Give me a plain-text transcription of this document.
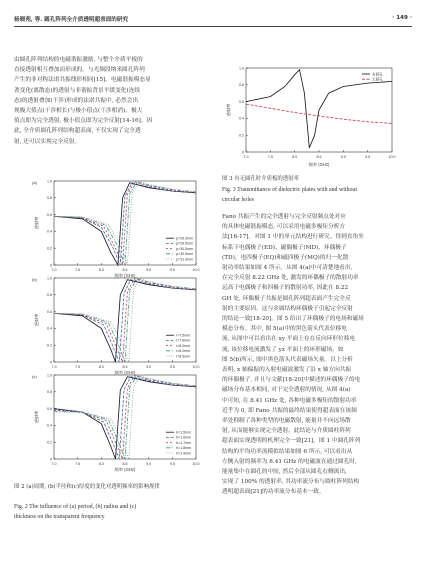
杨晓苑, 等. 圆孔阵列全介质透明超表面的研究	· 149 ·
由圆孔阵列结构的电磁谐振激励, 与整个介质平板的
直接透射相互叠加而形成的。与光频段纳米圆孔阵列
产生的非对称法诺共振线形相同[15]。电磁谐振模态显
著变化(离散态)的透射与非谐振背景平缓变化(连续
态)的透射叠加(干涉)形成的法诺共振中, 必然会出
现极大值点(干涉相长)与极小值点(干涉相消)。极大
值点即为完全透射, 极小值点即为完全反射[14-16]。因
此, 全介质圆孔阵列结构超表面, 不仅实现了完全透
射, 还可以实现完全反射。
7.0	7.5	8.0	8.5	9.0	9.5	10.0
0
0.2
0.4
0.6
0.8
1.0
p=29.0mm
p=29.5mm
p=30.0mm
p=30.5mm
p=31.0mm
(a)
透射率
频率 (GHz)
7.0	7.5	8.0	8.5	9.0	9.5	10.0
0
0.2
0.4
0.6
0.8
1.0
r=7.5mm
r=7.8mm
r=8.0mm
r=8.2mm
r=8.5mm
(b)
透射率
频率 (GHz)
7.0	7.5	8.0	8.5	9.0	9.5	10.0
0
0.2
0.4
0.6
0.8
1.0
h=1.5mm
h=1.6mm
h=1.7mm
h=1.8mm
h=1.9mm
(c)
透射率
频率 (GHz)
图 2 (a)周期, (b)半径和(c)厚度的变化对透明频率的影响规律
Fig. 2 The influence of (a) period, (b) radius and (c)
thickness on the transparent frequency
7.0	7.5	8.0	8.5	9.0	9.5	10.0
0
0.2
0.4
0.6
0.8
1.0
有圆孔
无圆孔
透射率
频率 (GHz)
图 3 有无圆孔时介质板的透射率
Fig. 3 Transmittance of dielectric plates with and without
circular holes
Fano 共振产生的完全透射与完全反射频点处对应
的具体电磁谐振模态, 可以采用电磁多极矩分析方
法[16-17]。对图 1 中的单元结构进行研究。得到直角坐
标系下电偶极子(ED)、磁偶极子(MD)、环偶极子
(TD)、电四极子(EQ)和磁四极子(MQ)的归一化散
射功率结果如图 4 所示。从图 4(a)中可清楚地看出,
在完全反射 8.22 GHz 处, 激发的环偶极子的散射功率
远高于电偶极子和四极子的散射功率, 因此在 8.22
GH 处, 环偶极子共振是圆孔阵列超表面产生完全反
射的主要原因。这与金属结构环偶极子引起完全反射
的结论一致[18-20]。图 5 给出了环偶极子的电场和磁场
模态分布。其中, 图 5(a)中的黑色箭头代表位移电
流, 从图中可以看出在 xy 平面上存在反向环形位移电
流, 该位移电流激发了 yz 平面上的环形磁场。如
图 5(b)所示, 图中黑色箭头代表磁场矢量。以上分析
表明, x 轴偏振的入射电磁波激发了沿 x 轴方向共振
的环偶极子, 并且与文献[18-20]中描述的环偶极子的电
磁场分布基本相同, 对于完全透射的情况, 从图 4(a)
中可知, 在 8.41 GHz 处, 各种电磁多极矩的散射功率
近乎为 0, 即 Fano 共振的最终结果使得超表面在该频
率处抑制了各种类型的电磁散射, 能量并不向远场散
射, 从而能够实现完全透射。此结论与介质圆柱阵列
超表面实现透明的机理完全一致[21]。图 1 中圆孔阵列
结构的平均功率流模拟结果如图 6 所示, 可以看出从
左侧入射的频率为 8.41 GHz 的电磁波在通过圆孔时,
能量集中在圆孔的中间, 然后全部从圆孔右侧流出,
实现了 100% 的透射率, 其功率流分布与圆柱阵列结构
透明超表面[21]的功率流分布基本一致。
